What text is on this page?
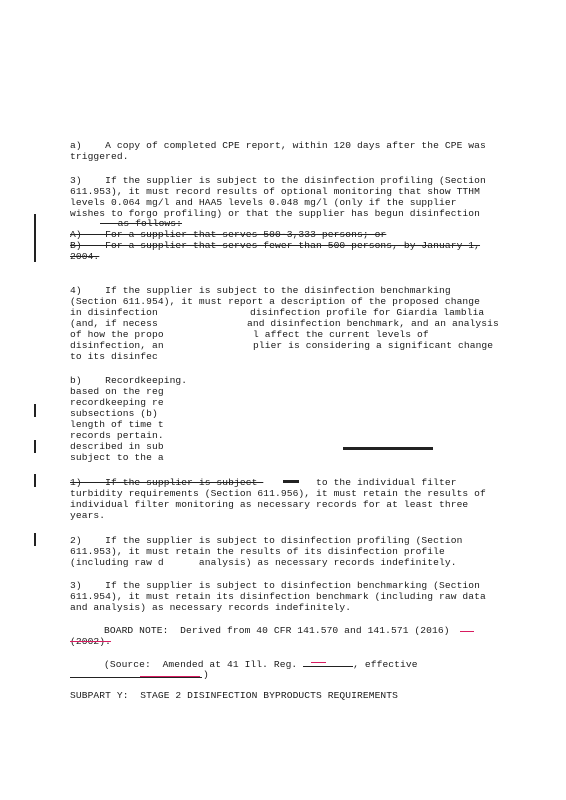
a)    A copy of completed CPE report, within 120 days after the CPE was
triggered.
3)    If the supplier is subject to the disinfection profiling (Section
611.953), it must record results of optional monitoring that show TTHM
levels 0.064 mg/l and HAA5 levels 0.048 mg/l (only if the supplier
wishes to forgo profiling) or that the supplier has begun disinfection
as follows:
A)    For a supplier that serves 500-3,333 persons; or
B)    For a supplier that serves fewer than 500 persons, by January 1,
2004.
4)    If the supplier is subject to the disinfection benchmarking
(Section 611.954), it must report a description of the proposed change
in disinfection
(and, if necess
of how the propo
disinfection, an
to its disinfec
disinfection profile for Giardia lamblia
and disinfection benchmark, and an analysis
l affect the current levels of
plier is considering a significant change
b)    Recordkeeping.
based on the reg
recordkeeping re
subsections (b)
length of time t
records pertain.
described in sub
subject to the a
1)    If the supplier is subject	to the individual filter
turbidity requirements (Section 611.956), it must retain the results of
individual filter monitoring as necessary records for at least three
years.
2)    If the supplier is subject to disinfection profiling (Section
611.953), it must retain the results of its disinfection profile
(including raw d      analysis) as necessary records indefinitely.
3)    If the supplier is subject to disinfection benchmarking (Section
611.954), it must retain its disinfection benchmark (including raw data
and analysis) as necessary records indefinitely.
BOARD NOTE:  Derived from 40 CFR 141.570 and 141.571 (2016)
(2002).
(Source:  Amended at 41 Ill. Reg.	, effective
)
SUBPART Y:  STAGE 2 DISINFECTION BYPRODUCTS REQUIREMENTS
